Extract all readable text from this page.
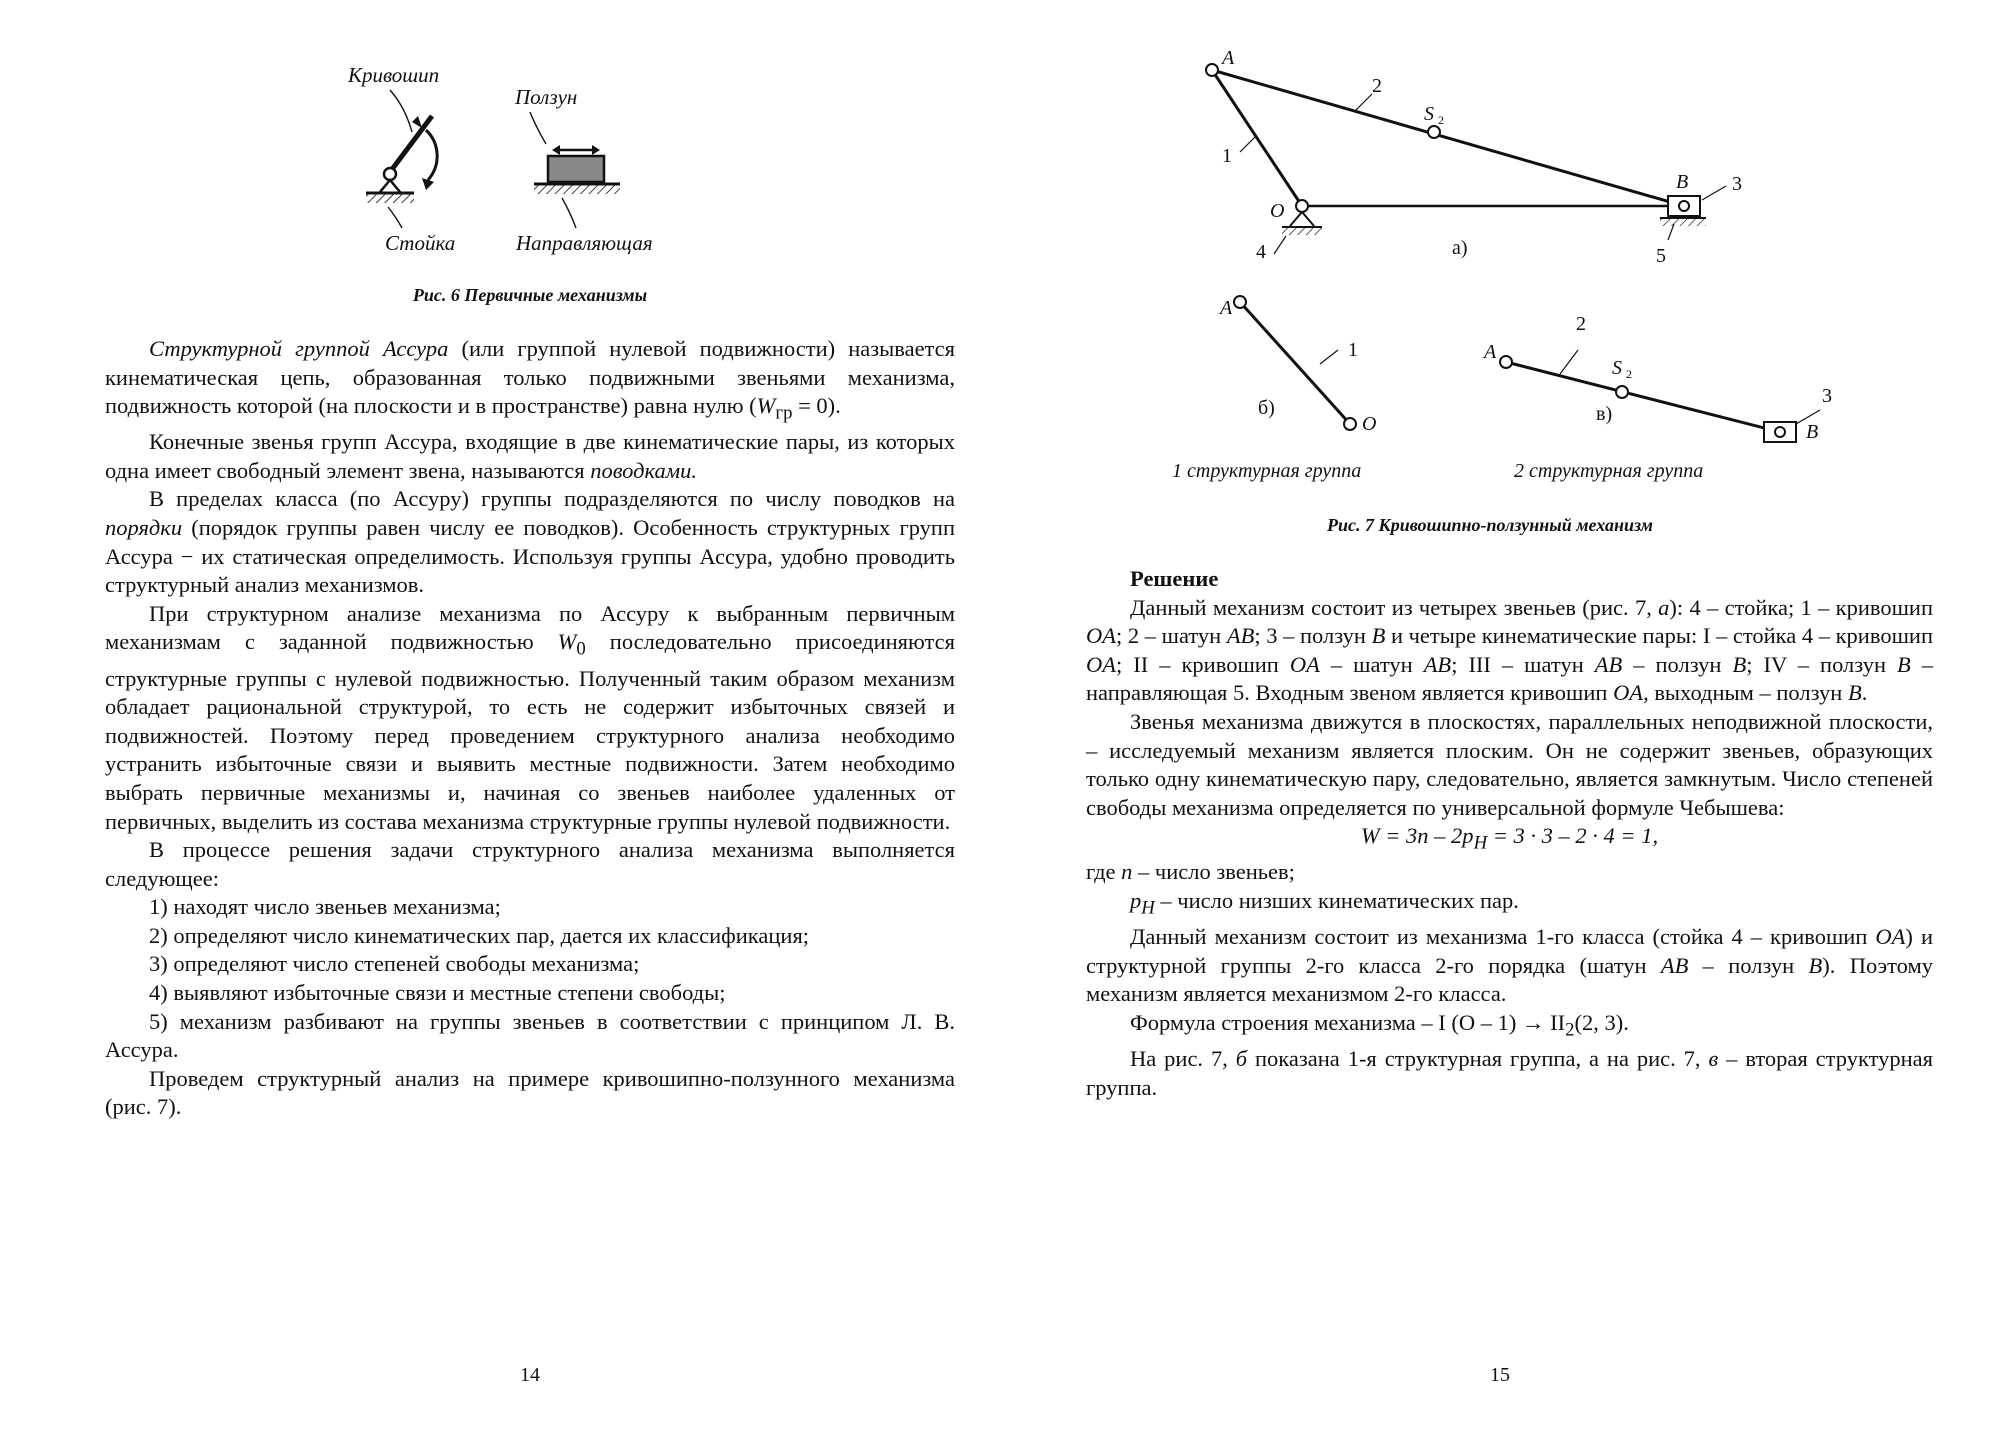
Кривошип
Ползун
Стойка	Направляющая
Рис. 6 Первичные механизмы

Структурной группой Ассура (или группой нулевой подвижности) называется кинематическая цепь, образованная только подвижными звеньями механизма, подвижность которой (на плоскости и в пространстве) равна нулю $(W_{гр} = 0)$.

Конечные звенья групп Ассура, входящие в две кинематические пары, из которых одна имеет свободный элемент звена, называются поводками.

В пределах класса (по Ассуру) группы подразделяются по числу поводков на порядки (порядок группы равен числу ее поводков). Особенность структурных групп Ассура − их статическая определимость. Используя группы Ассура, удобно проводить структурный анализ механизмов.

При структурном анализе механизма по Ассуру к выбранным первичным механизмам с заданной подвижностью $W_0$ последовательно присоединяются структурные группы с нулевой подвижностью. Полученный таким образом механизм обладает рациональной структурой, то есть не содержит избыточных связей и подвижностей. Поэтому перед проведением структурного анализа необходимо устранить избыточные связи и выявить местные подвижности. Затем необходимо выбрать первичные механизмы и, начиная со звеньев наиболее удаленных от первичных, выделить из состава механизма структурные группы нулевой подвижности.

В процессе решения задачи структурного анализа механизма выполняется следующее:

1) находят число звеньев механизма;

2) определяют число кинематических пар, дается их классификация;

3) определяют число степеней свободы механизма;

4) выявляют избыточные связи и местные степени свободы;

5) механизм разбивают на группы звеньев в соответствии с принципом Л. В. Ассура.

Проведем структурный анализ на примере кривошипно-ползунного механизма (рис. 7).

14
A
1
2
S 2
O
4
B 3
5
а)
A
1
O
б)
1 структурная группа
A
2
S 2
3
B
в)
2 структурная группа
Рис. 7 Кривошипно-ползунный механизм

Решение

Данный механизм состоит из четырех звеньев (рис. 7, а): 4 – стойка; 1 – кривошип OA; 2 – шатун AB; 3 – ползун B и четыре кинематические пары: I – стойка 4 – кривошип OA; II – кривошип OA – шатун AB; III – шатун AB – ползун B; IV – ползун B – направляющая 5. Входным звеном является кривошип OA, выходным – ползун B.

Звенья механизма движутся в плоскостях, параллельных неподвижной плоскости, – исследуемый механизм является плоским. Он не содержит звеньев, образующих только одну кинематическую пару, следовательно, является замкнутым. Число степеней свободы механизма определяется по универсальной формуле Чебышева:

$W = 3n - 2p_H = 3 \cdot 3 - 2 \cdot 4 = 1$,

где n – число звеньев;

$p_H$ – число низших кинематических пар.

Данный механизм состоит из механизма 1-го класса (стойка 4 – кривошип OA) и структурной группы 2-го класса 2-го порядка (шатун AB – ползун B). Поэтому механизм является механизмом 2-го класса.

Формула строения механизма – I $(O - 1) \to II_2(2$, 3).

На рис. 7, б показана 1-я структурная группа, а на рис. 7, в – вторая структурная группа.

15
